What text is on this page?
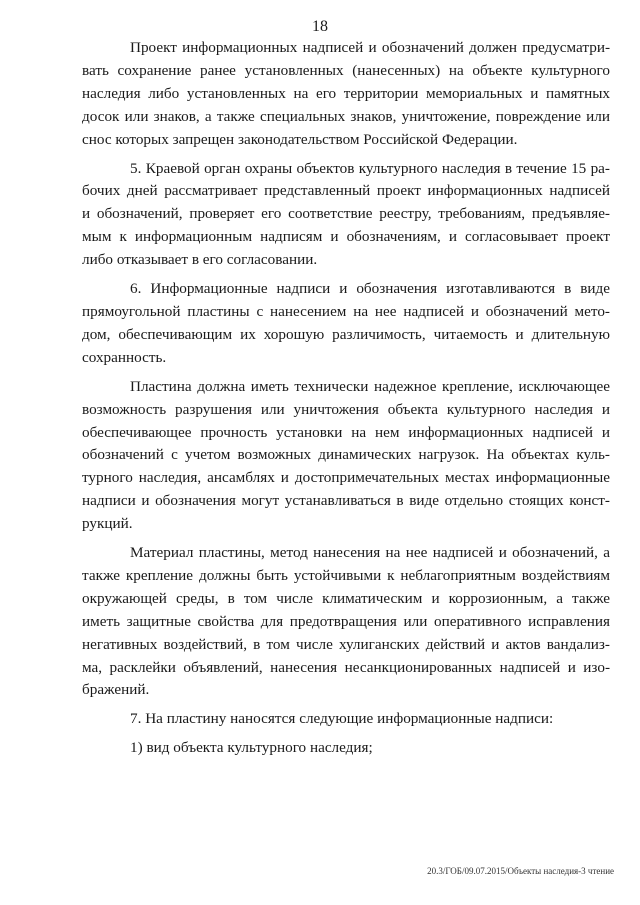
18
Проект информационных надписей и обозначений должен предусматри-
вать сохранение ранее установленных (нанесенных) на объекте культурного
наследия либо установленных на его территории мемориальных и памятных
досок или знаков, а также специальных знаков, уничтожение, повреждение или
снос которых запрещен законодательством Российской Федерации.
5. Краевой орган охраны объектов культурного наследия в течение 15 ра-
бочих дней рассматривает представленный проект информационных надписей
и обозначений, проверяет его соответствие реестру, требованиям, предъявляе-
мым к информационным надписям и обозначениям, и согласовывает проект
либо отказывает в его согласовании.
6. Информационные надписи и обозначения изготавливаются в виде
прямоугольной пластины с нанесением на нее надписей и обозначений мето-
дом, обеспечивающим их хорошую различимость, читаемость и длительную
сохранность.
Пластина должна иметь технически надежное крепление, исключающее
возможность разрушения или уничтожения объекта культурного наследия и
обеспечивающее прочность установки на нем информационных надписей и
обозначений с учетом возможных динамических нагрузок. На объектах куль-
турного наследия, ансамблях и достопримечательных местах информационные
надписи и обозначения могут устанавливаться в виде отдельно стоящих конст-
рукций.
Материал пластины, метод нанесения на нее надписей и обозначений, а
также крепление должны быть устойчивыми к неблагоприятным воздействиям
окружающей среды, в том числе климатическим и коррозионным, а также
иметь защитные свойства для предотвращения или оперативного исправления
негативных воздействий, в том числе хулиганских действий и актов вандализ-
ма, расклейки объявлений, нанесения несанкционированных надписей и изо-
бражений.
7. На пластину наносятся следующие информационные надписи:
1) вид объекта культурного наследия;
20.3/ГОБ/09.07.2015/Объекты наследия-3 чтение
